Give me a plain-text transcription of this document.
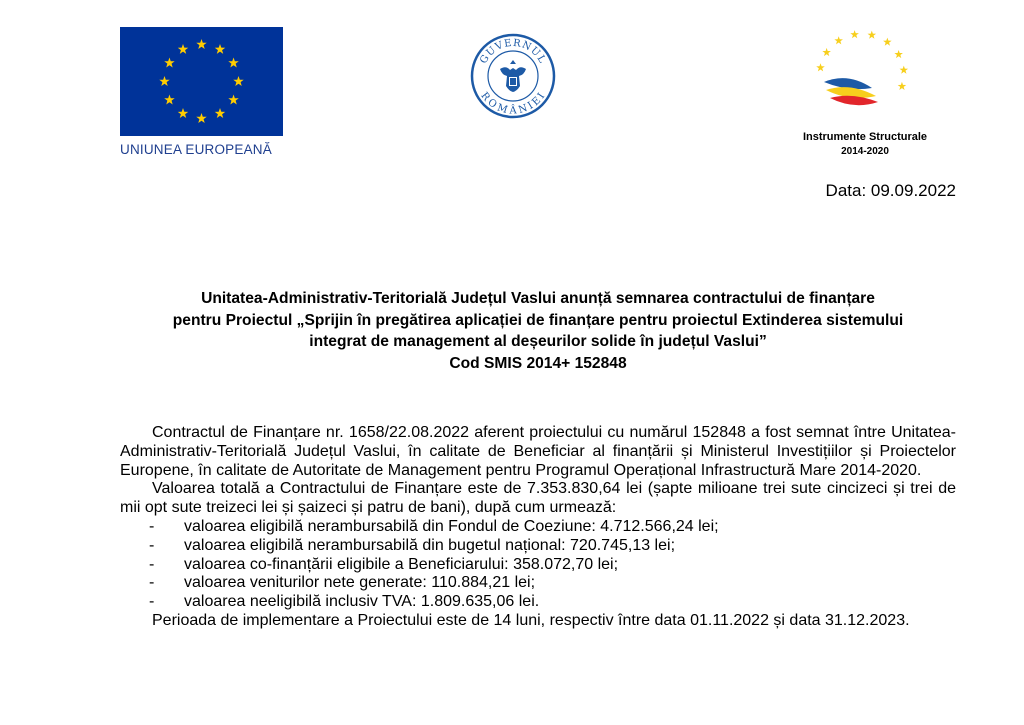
UNIUNEA EUROPEANĂ
GUVERNUL
ROMÂNIEI
Instrumente Structurale
2014-2020
Data: 09.09.2022
Unitatea-Administrativ-Teritorială Județul Vaslui anunță semnarea contractului de finanțare
pentru Proiectul „Sprijin în pregătirea aplicației de finanțare pentru proiectul Extinderea sistemului
integrat de management al deșeurilor solide în județul Vaslui”
Cod SMIS 2014+ 152848

Contractul de Finanțare nr. 1658/22.08.2022 aferent proiectului cu numărul 152848 a fost semnat între Unitatea-Administrativ-Teritorială Județul Vaslui, în calitate de Beneficiar al finanțării și Ministerul Investițiilor și Proiectelor Europene, în calitate de Autoritate de Management pentru Programul Operațional Infrastructură Mare 2014-2020.

Valoarea totală a Contractului de Finanțare este de 7.353.830,64 lei (șapte milioane trei sute cincizeci și trei de mii opt sute treizeci lei și șaizeci și patru de bani), după cum urmează:

- valoarea eligibilă nerambursabilă din Fondul de Coeziune: 4.712.566,24 lei;
- valoarea eligibilă nerambursabilă din bugetul național: 720.745,13 lei;
- valoarea co-finanțării eligibile a Beneficiarului: 358.072,70 lei;
- valoarea veniturilor nete generate: 110.884,21 lei;
- valoarea neeligibilă inclusiv TVA: 1.809.635,06 lei.

Perioada de implementare a Proiectului este de 14 luni, respectiv între data 01.11.2022 și data 31.12.2023.
